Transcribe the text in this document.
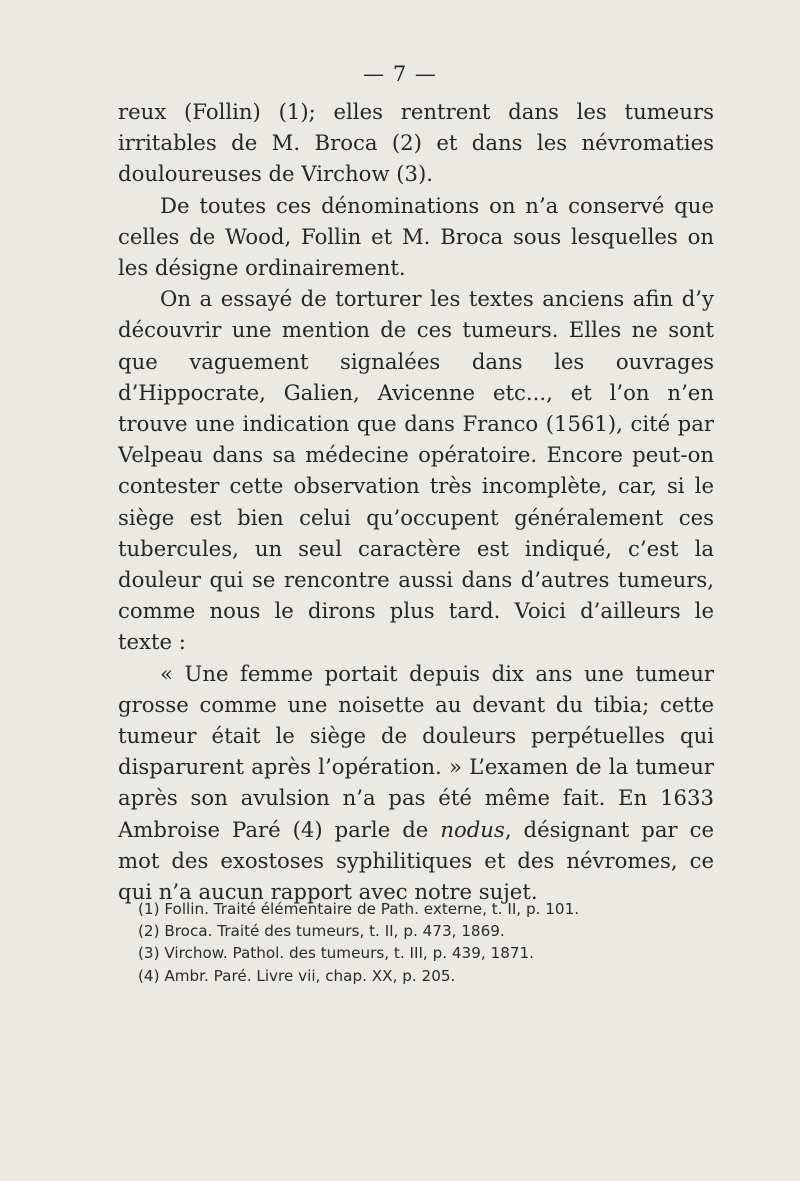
— 7 —

reux (Follin) (1); elles rentrent dans les tumeurs irritables de M. Broca (2) et dans les névromaties douloureuses de Virchow (3).

De toutes ces dénominations on n’a conservé que celles de Wood, Follin et M. Broca sous lesquelles on les désigne ordinairement.

On a essayé de torturer les textes anciens afin d’y découvrir une mention de ces tumeurs. Elles ne sont que vaguement signalées dans les ouvrages d’Hippocrate, Galien, Avicenne etc..., et l’on n’en trouve une indication que dans Franco (1561), cité par Velpeau dans sa médecine opératoire. Encore peut-on contester cette observation très incomplète, car, si le siège est bien celui qu’occupent généralement ces tubercules, un seul caractère est indiqué, c’est la douleur qui se rencontre aussi dans d’autres tumeurs, comme nous le dirons plus tard. Voici d’ailleurs le texte :

« Une femme portait depuis dix ans une tumeur grosse comme une noisette au devant du tibia; cette tumeur était le siège de douleurs perpétuelles qui disparurent après l’opération. » L’examen de la tumeur après son avulsion n’a pas été même fait. En 1633 Ambroise Paré (4) parle de nodus, désignant par ce mot des exostoses syphilitiques et des névromes, ce qui n’a aucun rapport avec notre sujet.

(1) Follin. Traité élémentaire de Path. externe, t. II, p. 101.
(2) Broca. Traité des tumeurs, t. II, p. 473, 1869.
(3) Virchow. Pathol. des tumeurs, t. III, p. 439, 1871.
(4) Ambr. Paré. Livre vii, chap. XX, p. 205.
